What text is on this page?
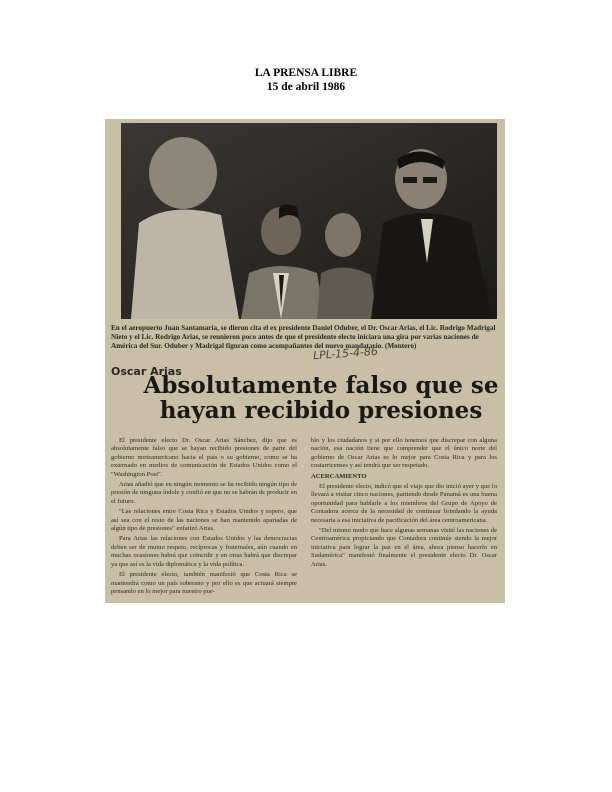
LA PRENSA LIBRE
15 de abril 1986
En el aeropuerto Juan Santamaría, se dieron cita el ex presidente Daniel Oduber, el Dr. Oscar Arias, el Lic. Rodrigo Madrigal Nieto y el Lic. Rodrigo Arias, se reunieron poco antes de que el presidente electo iniciara una gira por varias naciones de América del Sur. Oduber y Madrigal figuran como acompañantes del nuevo mandatario. (Montero)
LPL-15-4-86
Oscar Arias
Absolutamente falso que se hayan recibido presiones

El presidente electo Dr. Oscar Arias Sánchez, dijo que es absolutamente falso que se hayan recibido presiones de parte del gobierno norteamericano hacia el país o su gobierno, como se ha externado en medios de comunicación de Estados Unidos como el "Washington Post".

Arias añadió que en ningún momento se ha recibido ningún tipo de presión de ninguna índole y confió en que no se habrán de producir en el futuro.

"Las relaciones entre Costa Rica y Estados Unidos y espero, que así sea con el resto de las naciones se han mantenido apartadas de algún tipo de presiones" enfatizó Arias.

Para Arias las relaciones con Estados Unidos y las democracias deben ser de mutuo respeto, recíprocas y fraternales, aún cuando en muchas ocasiones habrá que coincidir y en otras habrá que discrepar ya que así es la vida diplomática y la vida política.

El presidente electo, también manifestó que Costa Rica se mantendrá como un país soberano y por ello es que actuará siempre pensando en lo mejor para nuestro pue-

blo y los ciudadanos y si por ello tenemos que discrepar con alguna nación, esa nación tiene que comprender que el único norte del gobierno de Oscar Arias es lo mejor para Costa Rica y para los costarricenses y así tendrá que ser respetado.

ACERCAMIENTO

El presidente electo, indicó que el viaje que dio inició ayer y que lo llevará a visitar cinco naciones, partiendo desde Panamá es una buena oportunidad para hablarle a los miembros del Grupo de Apoyo de Contadora acerca de la necesidad de continuar brindando la ayuda necesaria a esa iniciativa de pacificación del área centroamericana.

"Del mismo modo que hace algunas semanas visité las naciones de Centroamérica propiciando que Contadora continúe siendo la mejor iniciativa para lograr la paz en el área, ahora pienso hacerlo en Sudamérica" manifestó finalmente el presidente electo Dr. Oscar Arias.
